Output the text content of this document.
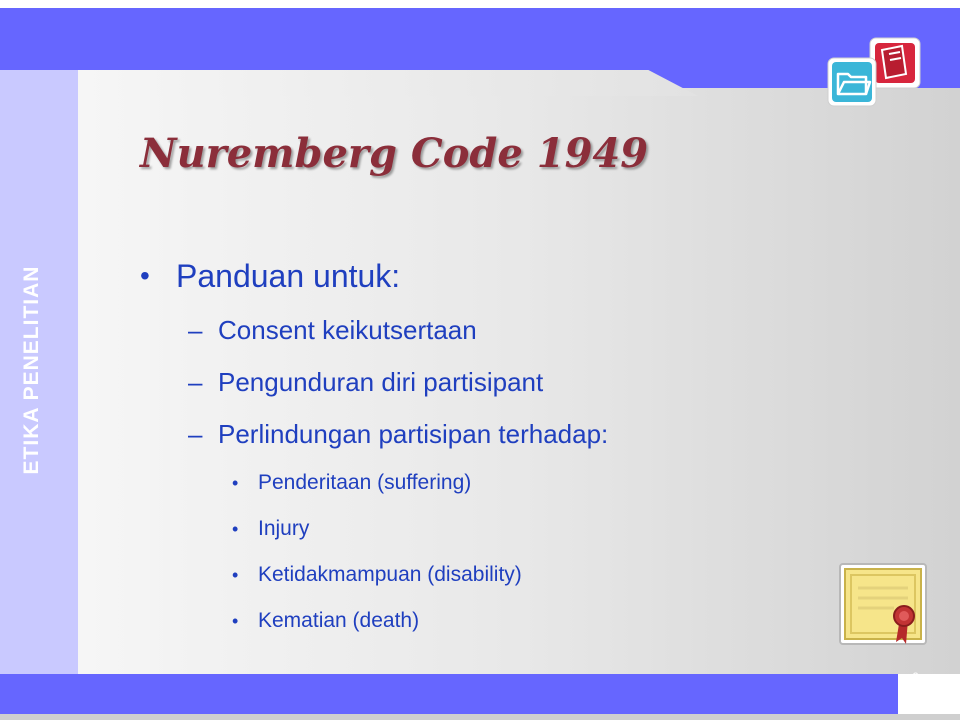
ETIKA PENELITIAN
Nuremberg Code 1949
• Panduan untuk:
– Consent keikutsertaan
– Pengunduran diri partisipant
– Perlindungan partisipan terhadap:
• Penderitaan (suffering)
• Injury
• Ketidakmampuan (disability)
• Kematian (death)
6
